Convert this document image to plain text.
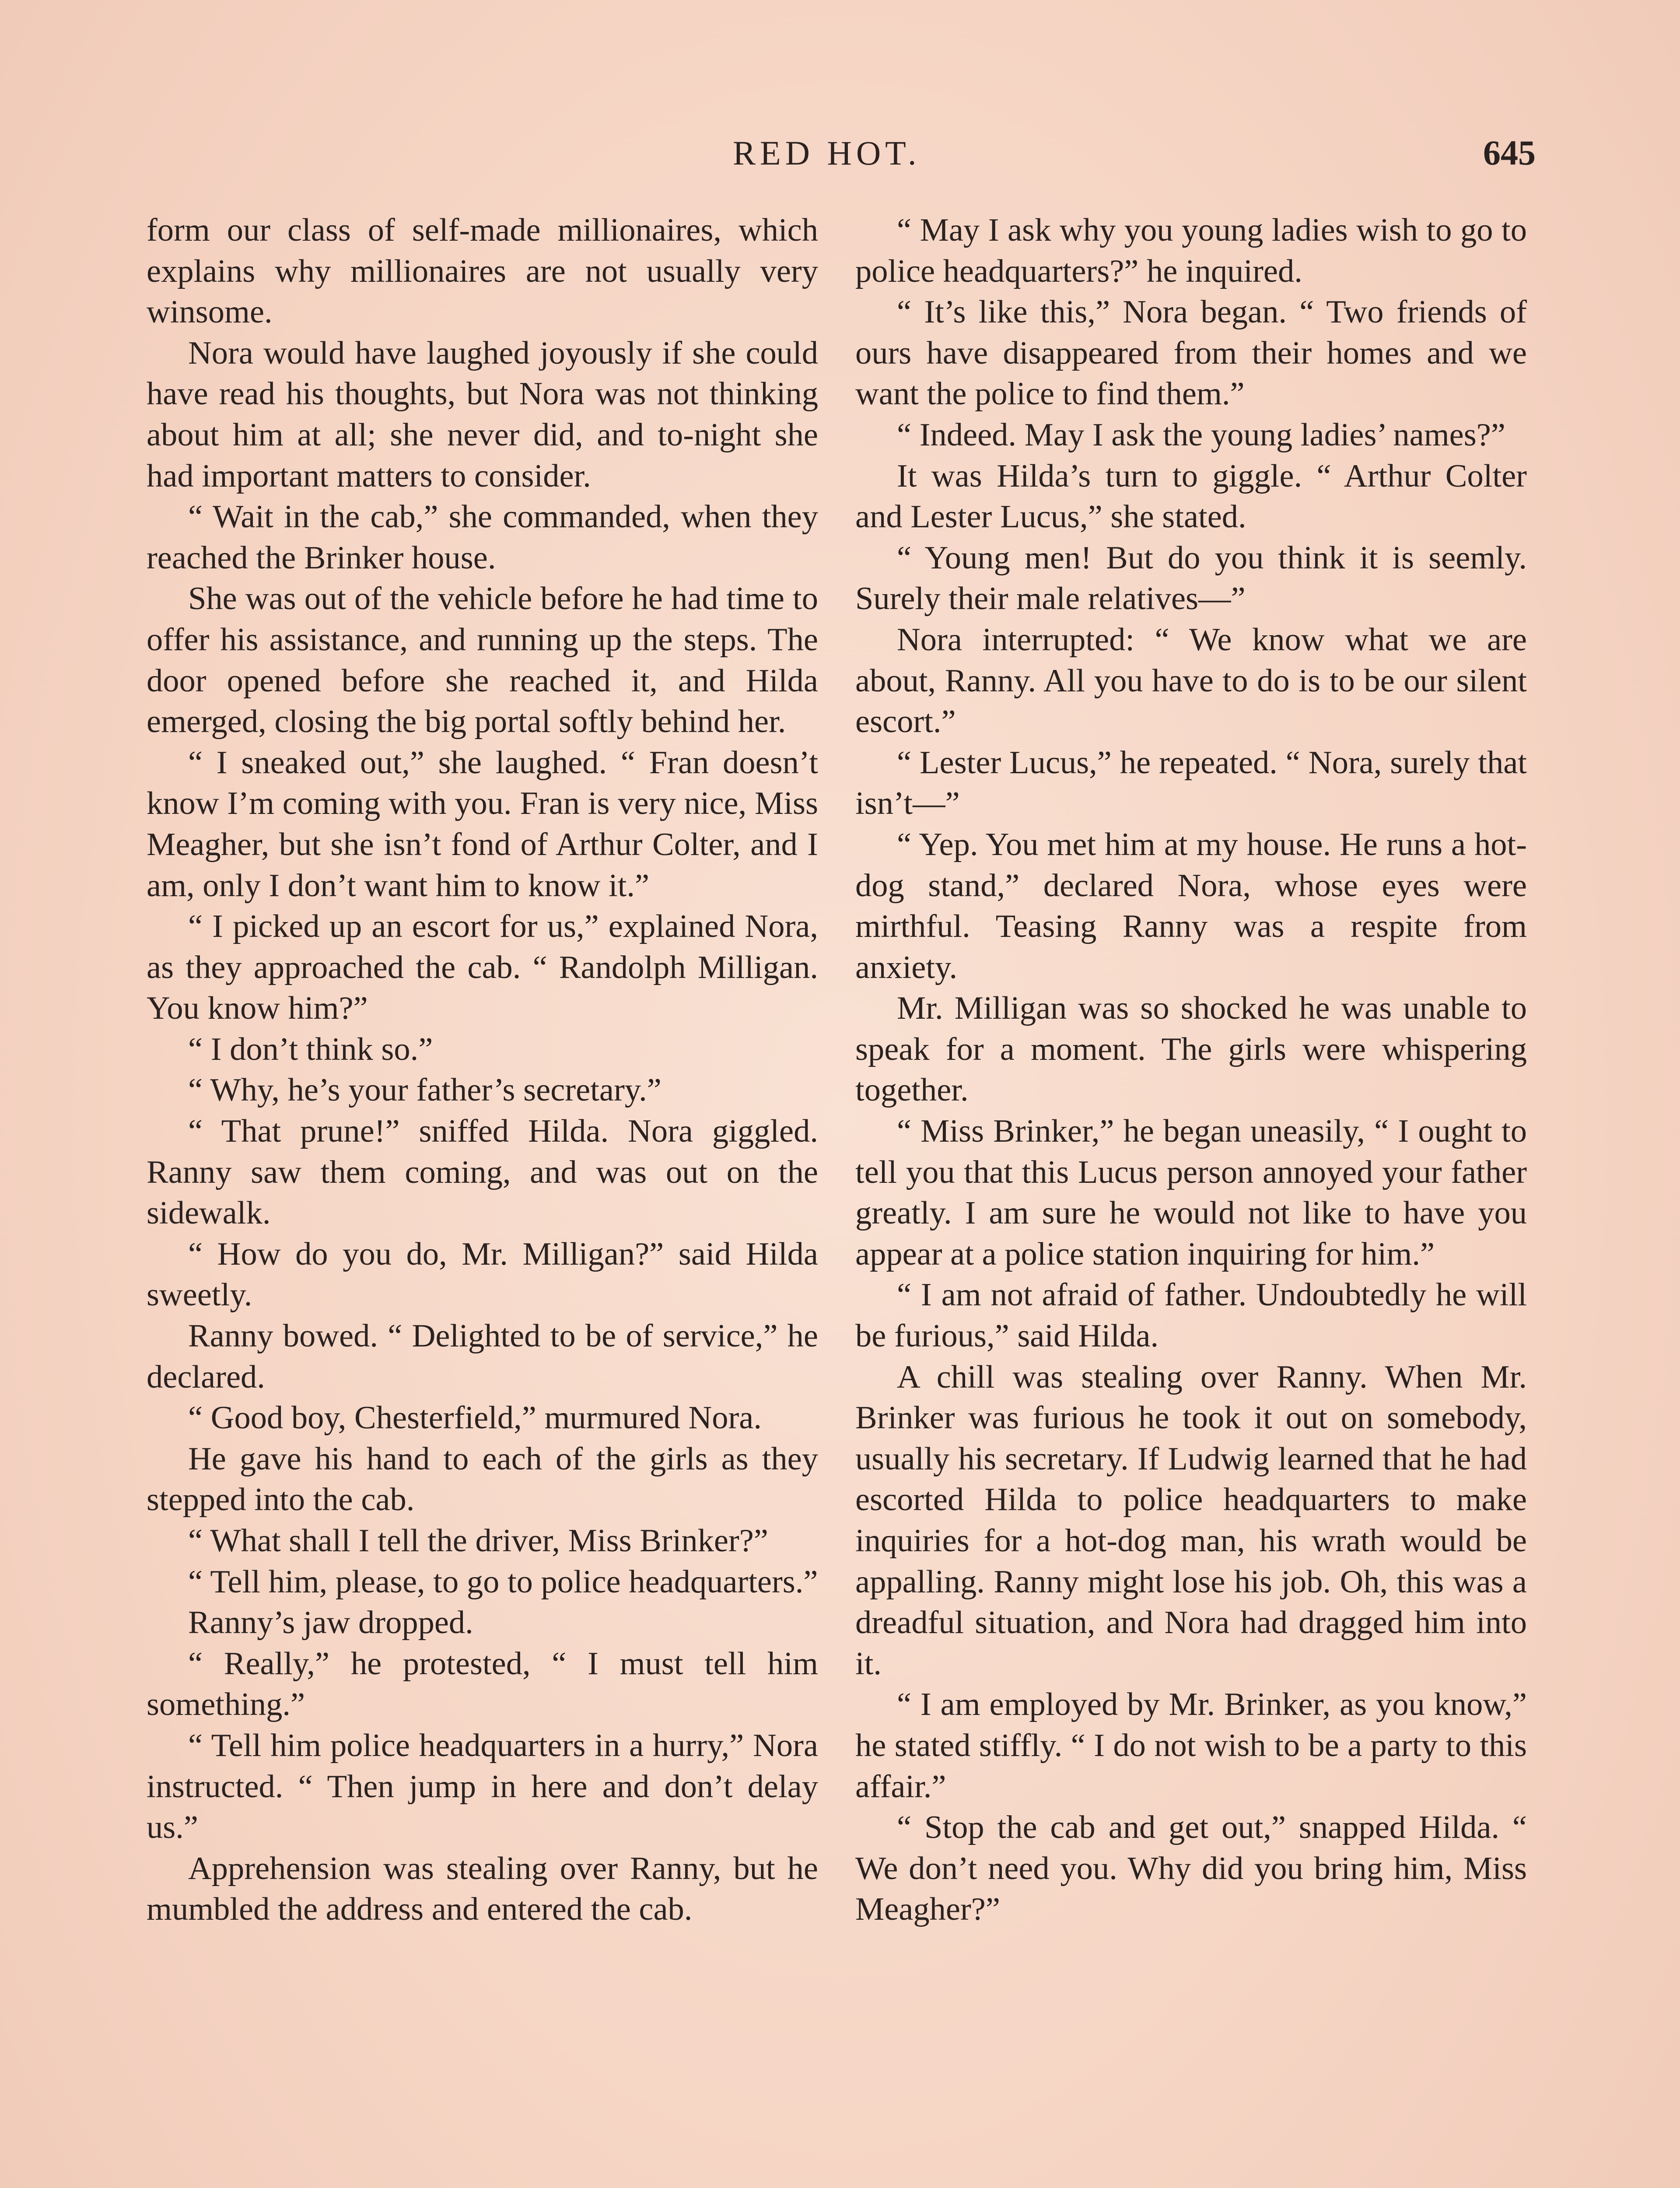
RED HOT.	645

form our class of self-made millionaires, which explains why millionaires are not usually very winsome.

Nora would have laughed joyously if she could have read his thoughts, but Nora was not thinking about him at all; she never did, and to-night she had important matters to consider.

“ Wait in the cab,” she commanded, when they reached the Brinker house.

She was out of the vehicle before he had time to offer his assistance, and running up the steps. The door opened before she reached it, and Hilda emerged, closing the big portal softly behind her.

“ I sneaked out,” she laughed. “ Fran doesn’t know I’m coming with you. Fran is very nice, Miss Meagher, but she isn’t fond of Arthur Colter, and I am, only I don’t want him to know it.”

“ I picked up an escort for us,” explained Nora, as they approached the cab. “ Randolph Milligan. You know him?”

“ I don’t think so.”

“ Why, he’s your father’s secretary.”

“ That prune!” sniffed Hilda. Nora giggled. Ranny saw them coming, and was out on the sidewalk.

“ How do you do, Mr. Milligan?” said Hilda sweetly.

Ranny bowed. “ Delighted to be of service,” he declared.

“ Good boy, Chesterfield,” murmured Nora.

He gave his hand to each of the girls as they stepped into the cab.

“ What shall I tell the driver, Miss Brinker?”

“ Tell him, please, to go to police headquarters.”

Ranny’s jaw dropped.

“ Really,” he protested, “ I must tell him something.”

“ Tell him police headquarters in a hurry,” Nora instructed. “ Then jump in here and don’t delay us.”

Apprehension was stealing over Ranny, but he mumbled the address and entered the cab.

“ May I ask why you young ladies wish to go to police headquarters?” he inquired.

“ It’s like this,” Nora began. “ Two friends of ours have disappeared from their homes and we want the police to find them.”

“ Indeed. May I ask the young ladies’ names?”

It was Hilda’s turn to giggle. “ Arthur Colter and Lester Lucus,” she stated.

“ Young men! But do you think it is seemly. Surely their male relatives—”

Nora interrupted: “ We know what we are about, Ranny. All you have to do is to be our silent escort.”

“ Lester Lucus,” he repeated. “ Nora, surely that isn’t—”

“ Yep. You met him at my house. He runs a hot-dog stand,” declared Nora, whose eyes were mirthful. Teasing Ranny was a respite from anxiety.

Mr. Milligan was so shocked he was unable to speak for a moment. The girls were whispering together.

“ Miss Brinker,” he began uneasily, “ I ought to tell you that this Lucus person annoyed your father greatly. I am sure he would not like to have you appear at a police station inquiring for him.”

“ I am not afraid of father. Undoubtedly he will be furious,” said Hilda.

A chill was stealing over Ranny. When Mr. Brinker was furious he took it out on somebody, usually his secretary. If Ludwig learned that he had escorted Hilda to police headquarters to make inquiries for a hot-dog man, his wrath would be appalling. Ranny might lose his job. Oh, this was a dreadful situation, and Nora had dragged him into it.

“ I am employed by Mr. Brinker, as you know,” he stated stiffly. “ I do not wish to be a party to this affair.”

“ Stop the cab and get out,” snapped Hilda. “ We don’t need you. Why did you bring him, Miss Meagher?”
